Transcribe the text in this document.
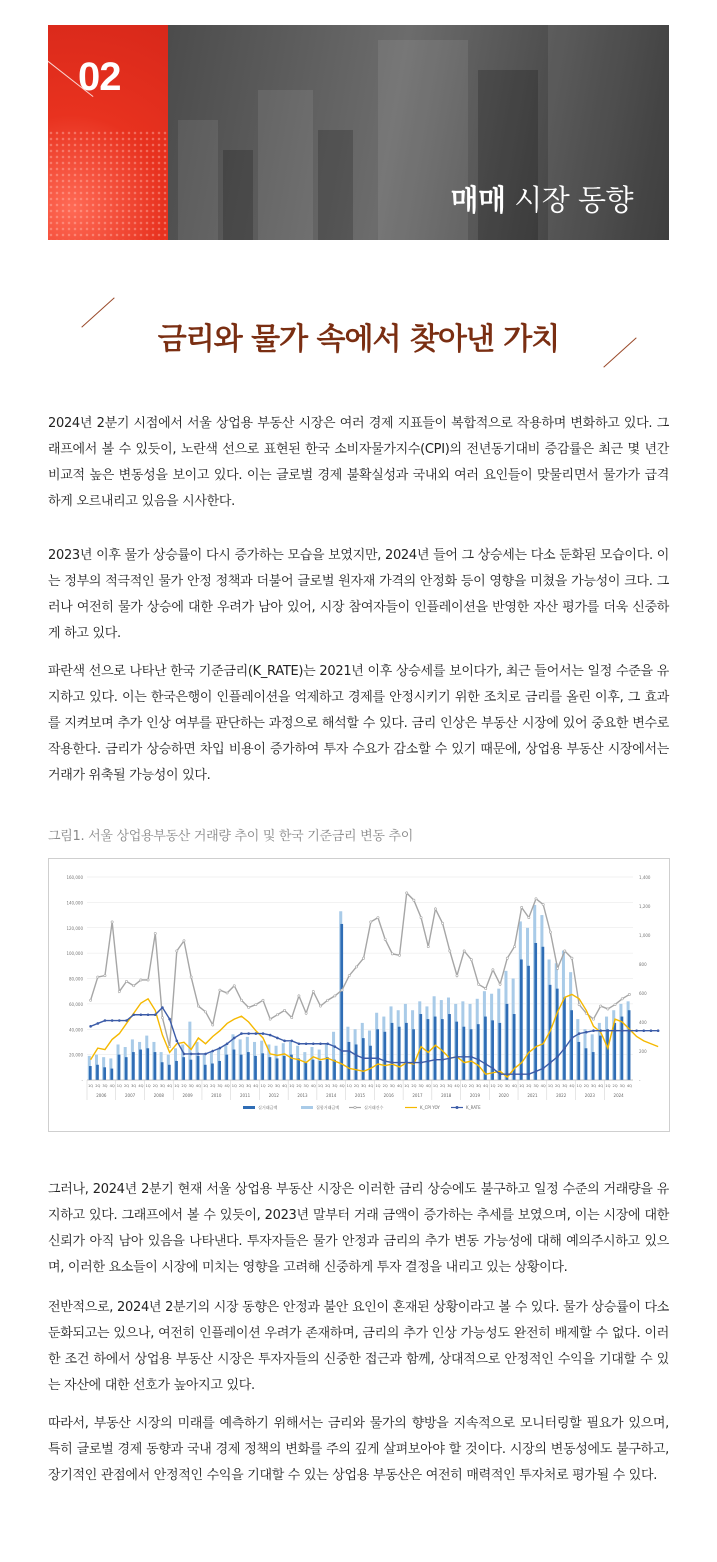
02
매매 시장 동향
금리와 물가 속에서 찾아낸 가치

2024년 2분기 시점에서 서울 상업용 부동산 시장은 여러 경제 지표들이 복합적으로 작용하며 변화하고 있다. 그래프에서 볼 수 있듯이, 노란색 선으로 표현된 한국 소비자물가지수(CPI)의 전년동기대비 증감률은 최근 몇 년간 비교적 높은 변동성을 보이고 있다. 이는 글로벌 경제 불확실성과 국내외 여러 요인들이 맞물리면서 물가가 급격하게 오르내리고 있음을 시사한다.

2023년 이후 물가 상승률이 다시 증가하는 모습을 보였지만, 2024년 들어 그 상승세는 다소 둔화된 모습이다. 이는 정부의 적극적인 물가 안정 정책과 더불어 글로벌 원자재 가격의 안정화 등이 영향을 미쳤을 가능성이 크다. 그러나 여전히 물가 상승에 대한 우려가 남아 있어, 시장 참여자들이 인플레이션을 반영한 자산 평가를 더욱 신중하게 하고 있다.

파란색 선으로 나타난 한국 기준금리(K_RATE)는 2021년 이후 상승세를 보이다가, 최근 들어서는 일정 수준을 유지하고 있다. 이는 한국은행이 인플레이션을 억제하고 경제를 안정시키기 위한 조치로 금리를 올린 이후, 그 효과를 지켜보며 추가 인상 여부를 판단하는 과정으로 해석할 수 있다. 금리 인상은 부동산 시장에 있어 중요한 변수로 작용한다. 금리가 상승하면 차입 비용이 증가하여 투자 수요가 감소할 수 있기 때문에, 상업용 부동산 시장에서는 거래가 위축될 가능성이 있다.

그림1. 서울 상업용부동산 거래량 추이 및 한국 기준금리 변동 추이
160,000
140,000
120,000
100,000
80,000
60,000
40,000
20,000
-
1,400
1,200
1,000
800
600
400
200
-
1Q 2Q 3Q 4Q 1Q 2Q 3Q 4Q 1Q 2Q 3Q 4Q 1Q 2Q 3Q 4Q 1Q 2Q 3Q 4Q 1Q 2Q 3Q 4Q 1Q 2Q 3Q 4Q 1Q 2Q 3Q 4Q 1Q 2Q 3Q 4Q 1Q 2Q 3Q 4Q 1Q 2Q 3Q 4Q 1Q 2Q 3Q 4Q 1Q 2Q 3Q 4Q 1Q 2Q 3Q 4Q 1Q 2Q 3Q 4Q 1Q 2Q 3Q 4Q 1Q 2Q 3Q 4Q 1Q 2Q 3Q 4Q 1Q 2Q 3Q 4Q
2006	2007	2008	2009	2010	2011	2012	2013	2014	2015	2016	2017	2018	2019	2020	2021	2022	2023	2024
실거래금액	집합거래금액	실거래건수	K_CPI YOY	K_RATE

그러나, 2024년 2분기 현재 서울 상업용 부동산 시장은 이러한 금리 상승에도 불구하고 일정 수준의 거래량을 유지하고 있다. 그래프에서 볼 수 있듯이, 2023년 말부터 거래 금액이 증가하는 추세를 보였으며, 이는 시장에 대한 신뢰가 아직 남아 있음을 나타낸다. 투자자들은 물가 안정과 금리의 추가 변동 가능성에 대해 예의주시하고 있으며, 이러한 요소들이 시장에 미치는 영향을 고려해 신중하게 투자 결정을 내리고 있는 상황이다.

전반적으로, 2024년 2분기의 시장 동향은 안정과 불안 요인이 혼재된 상황이라고 볼 수 있다. 물가 상승률이 다소 둔화되고는 있으나, 여전히 인플레이션 우려가 존재하며, 금리의 추가 인상 가능성도 완전히 배제할 수 없다. 이러한 조건 하에서 상업용 부동산 시장은 투자자들의 신중한 접근과 함께, 상대적으로 안정적인 수익을 기대할 수 있는 자산에 대한 선호가 높아지고 있다.

따라서, 부동산 시장의 미래를 예측하기 위해서는 금리와 물가의 향방을 지속적으로 모니터링할 필요가 있으며, 특히 글로벌 경제 동향과 국내 경제 정책의 변화를 주의 깊게 살펴보아야 할 것이다. 시장의 변동성에도 불구하고, 장기적인 관점에서 안정적인 수익을 기대할 수 있는 상업용 부동산은 여전히 매력적인 투자처로 평가될 수 있다.
